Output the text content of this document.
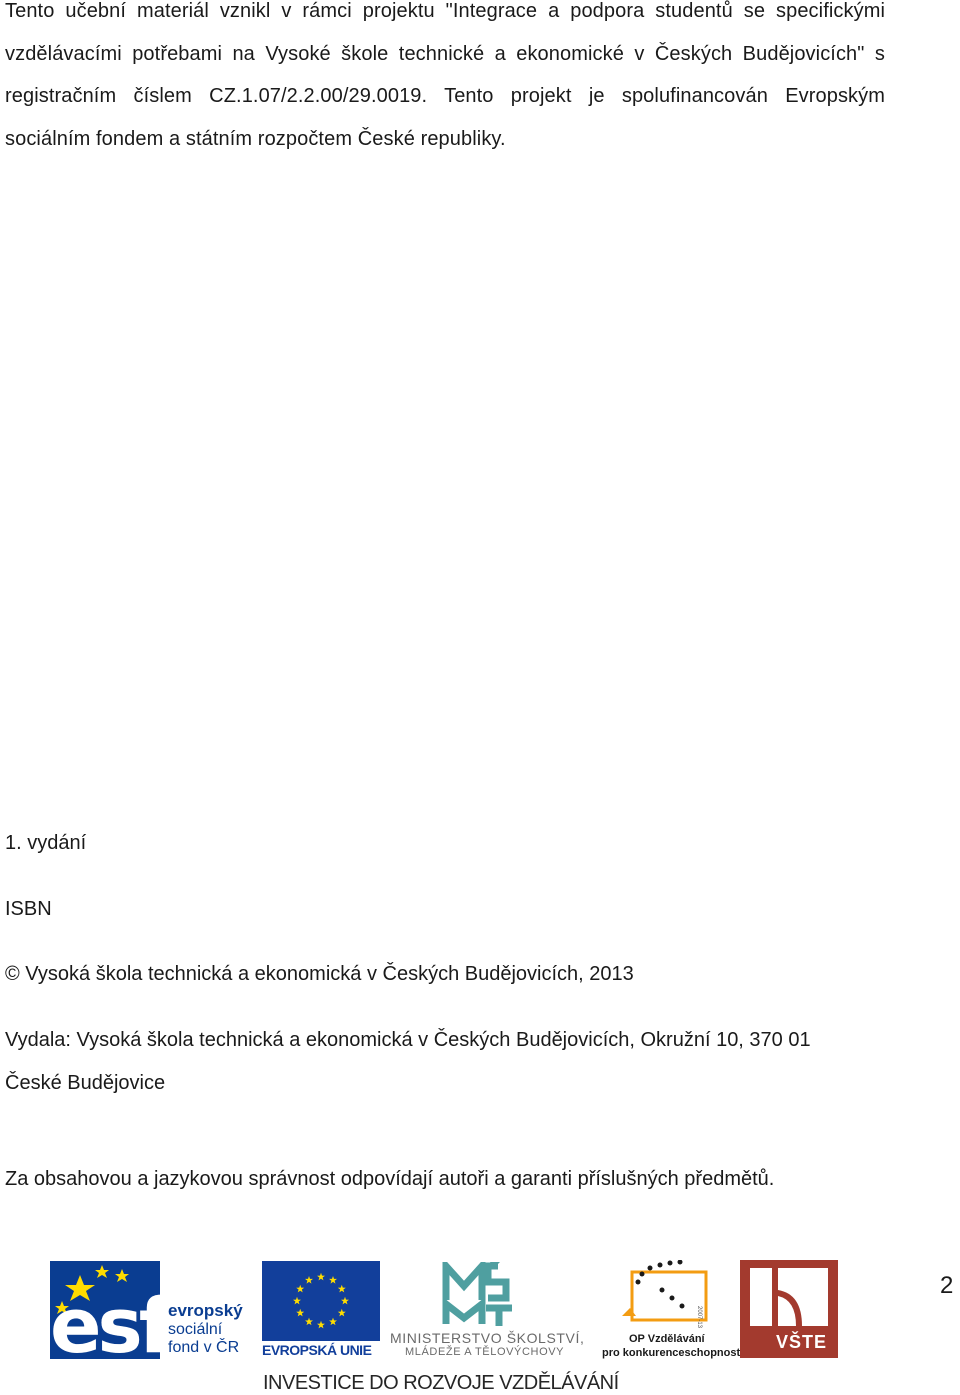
Tento učební materiál vznikl v rámci projektu "Integrace a podpora studentů se specifickými
vzdělávacími potřebami na Vysoké škole technické a ekonomické v Českých Budějovicích" s
registračním číslem CZ.1.07/2.2.00/29.0019. Tento projekt je spolufinancován Evropským
sociálním fondem a státním rozpočtem České republiky.
1. vydání
ISBN
© Vysoká škola technická a ekonomická v Českých Budějovicích, 2013
Vydala: Vysoká škola technická a ekonomická v Českých Budějovicích, Okružní 10, 370 01
České Budějovice
Za obsahovou a jazykovou správnost odpovídají autoři a garanti příslušných předmětů.
esf evropský
sociální
fond v ČR EVROPSKÁ UNIE
MINISTERSTVO ŠKOLSTVÍ,
MLÁDEŽE A TĚLOVÝCHOVY
2007-13
OP Vzdělávání
pro konkurenceschopnost
VŠTE
2
INVESTICE DO ROZVOJE VZDĚLÁVÁNÍ
